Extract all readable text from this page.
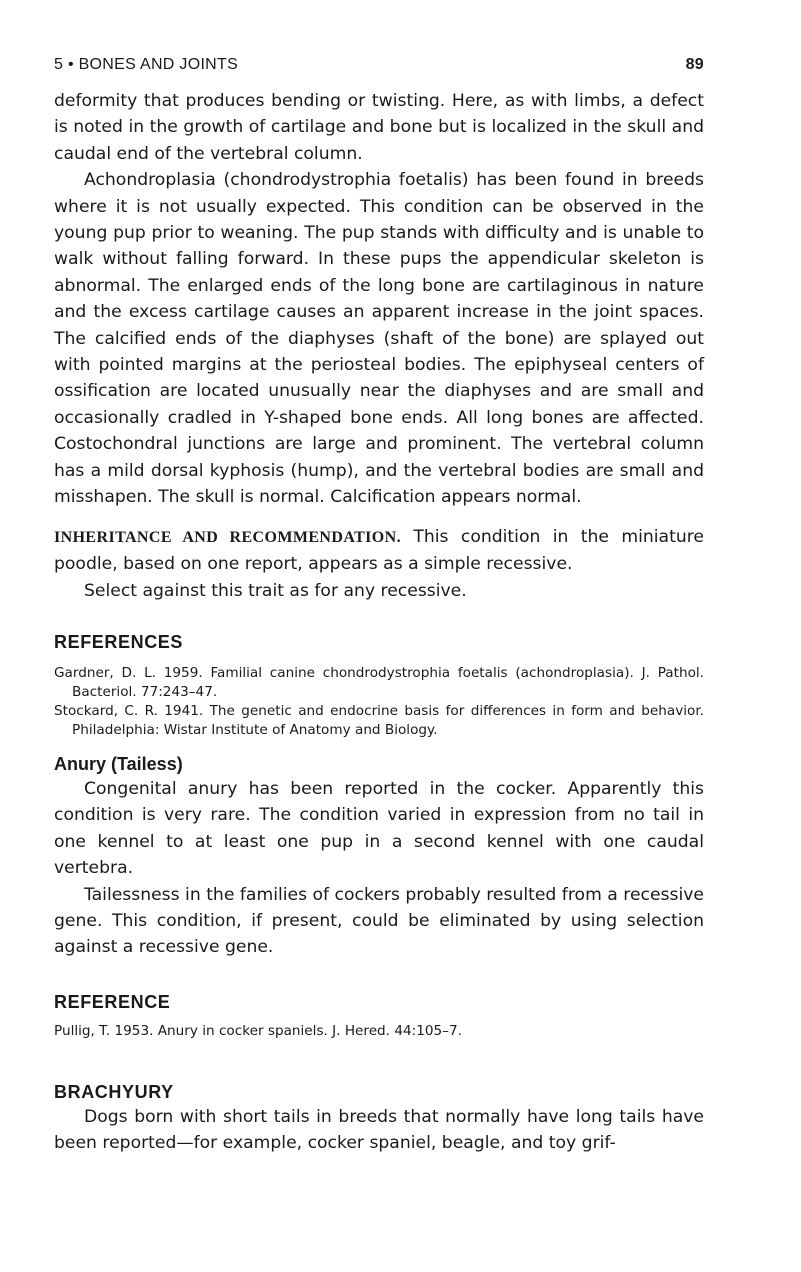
5 • BONES AND JOINTS	89

deformity that produces bending or twisting. Here, as with limbs, a defect is noted in the growth of cartilage and bone but is localized in the skull and caudal end of the vertebral column.

Achondroplasia (chondrodystrophia foetalis) has been found in breeds where it is not usually expected. This condition can be observed in the young pup prior to weaning. The pup stands with difficulty and is unable to walk without falling forward. In these pups the appendicular skeleton is abnormal. The enlarged ends of the long bone are cartilaginous in nature and the excess cartilage causes an apparent increase in the joint spaces. The calcified ends of the diaphyses (shaft of the bone) are splayed out with pointed margins at the periosteal bodies. The epiphyseal centers of ossification are located unusually near the diaphyses and are small and occasionally cradled in Y-shaped bone ends. All long bones are affected. Costochondral junctions are large and prominent. The vertebral column has a mild dorsal kyphosis (hump), and the vertebral bodies are small and misshapen. The skull is normal. Calcification appears normal.

INHERITANCE AND RECOMMENDATION. This condition in the miniature poodle, based on one report, appears as a simple recessive.

Select against this trait as for any recessive.

REFERENCES

Gardner, D. L. 1959. Familial canine chondrodystrophia foetalis (achondroplasia). J. Pathol. Bacteriol. 77:243–47.

Stockard, C. R. 1941. The genetic and endocrine basis for differences in form and behavior. Philadelphia: Wistar Institute of Anatomy and Biology.

Anury (Tailess)

Congenital anury has been reported in the cocker. Apparently this condition is very rare. The condition varied in expression from no tail in one kennel to at least one pup in a second kennel with one caudal vertebra.

Tailessness in the families of cockers probably resulted from a recessive gene. This condition, if present, could be eliminated by using selection against a recessive gene.

REFERENCE

Pullig, T. 1953. Anury in cocker spaniels. J. Hered. 44:105–7.

BRACHYURY

Dogs born with short tails in breeds that normally have long tails have been reported—for example, cocker spaniel, beagle, and toy grif-
